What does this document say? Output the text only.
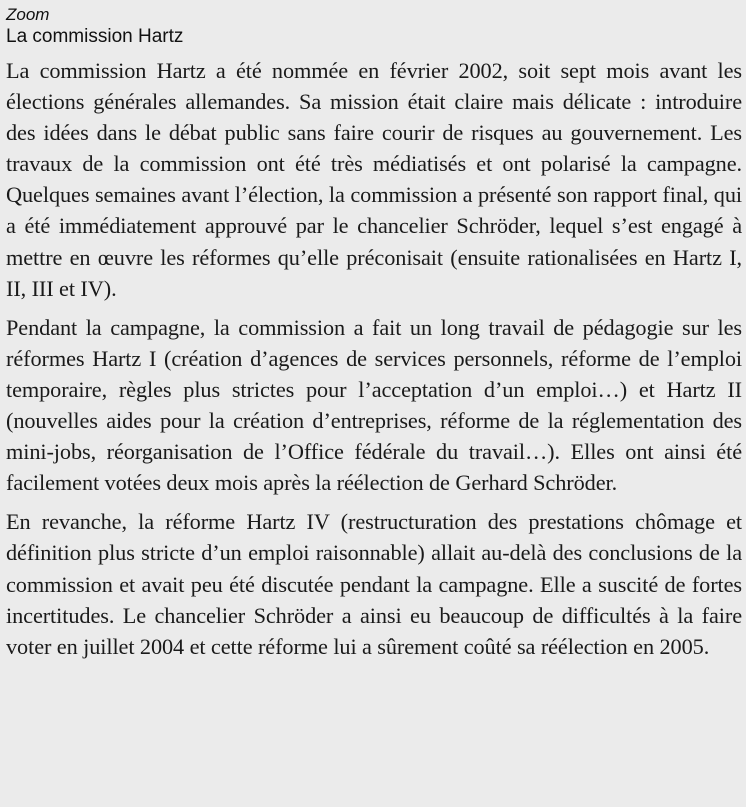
Zoom
La commission Hartz

La commission Hartz a été nommée en février 2002, soit sept mois avant les élections générales allemandes. Sa mission était claire mais délicate : introduire des idées dans le débat public sans faire courir de risques au gouvernement. Les travaux de la commission ont été très médiatisés et ont polarisé la campagne. Quelques semaines avant l’élection, la commission a présenté son rapport final, qui a été immédiatement approuvé par le chancelier Schröder, lequel s’est engagé à mettre en œuvre les réformes qu’elle préconisait (ensuite rationalisées en Hartz I, II, III et IV).

Pendant la campagne, la commission a fait un long travail de pédagogie sur les réformes Hartz I (création d’agences de services personnels, réforme de l’emploi temporaire, règles plus strictes pour l’acceptation d’un emploi…) et Hartz II (nouvelles aides pour la création d’entreprises, réforme de la réglementation des mini-jobs, réorganisation de l’Office fédérale du travail…). Elles ont ainsi été facilement votées deux mois après la réélection de Gerhard Schröder.

En revanche, la réforme Hartz IV (restructuration des prestations chômage et définition plus stricte d’un emploi raisonnable) allait au-delà des conclusions de la commission et avait peu été discutée pendant la campagne. Elle a suscité de fortes incertitudes. Le chancelier Schröder a ainsi eu beaucoup de difficultés à la faire voter en juillet 2004 et cette réforme lui a sûrement coûté sa réélection en 2005.
